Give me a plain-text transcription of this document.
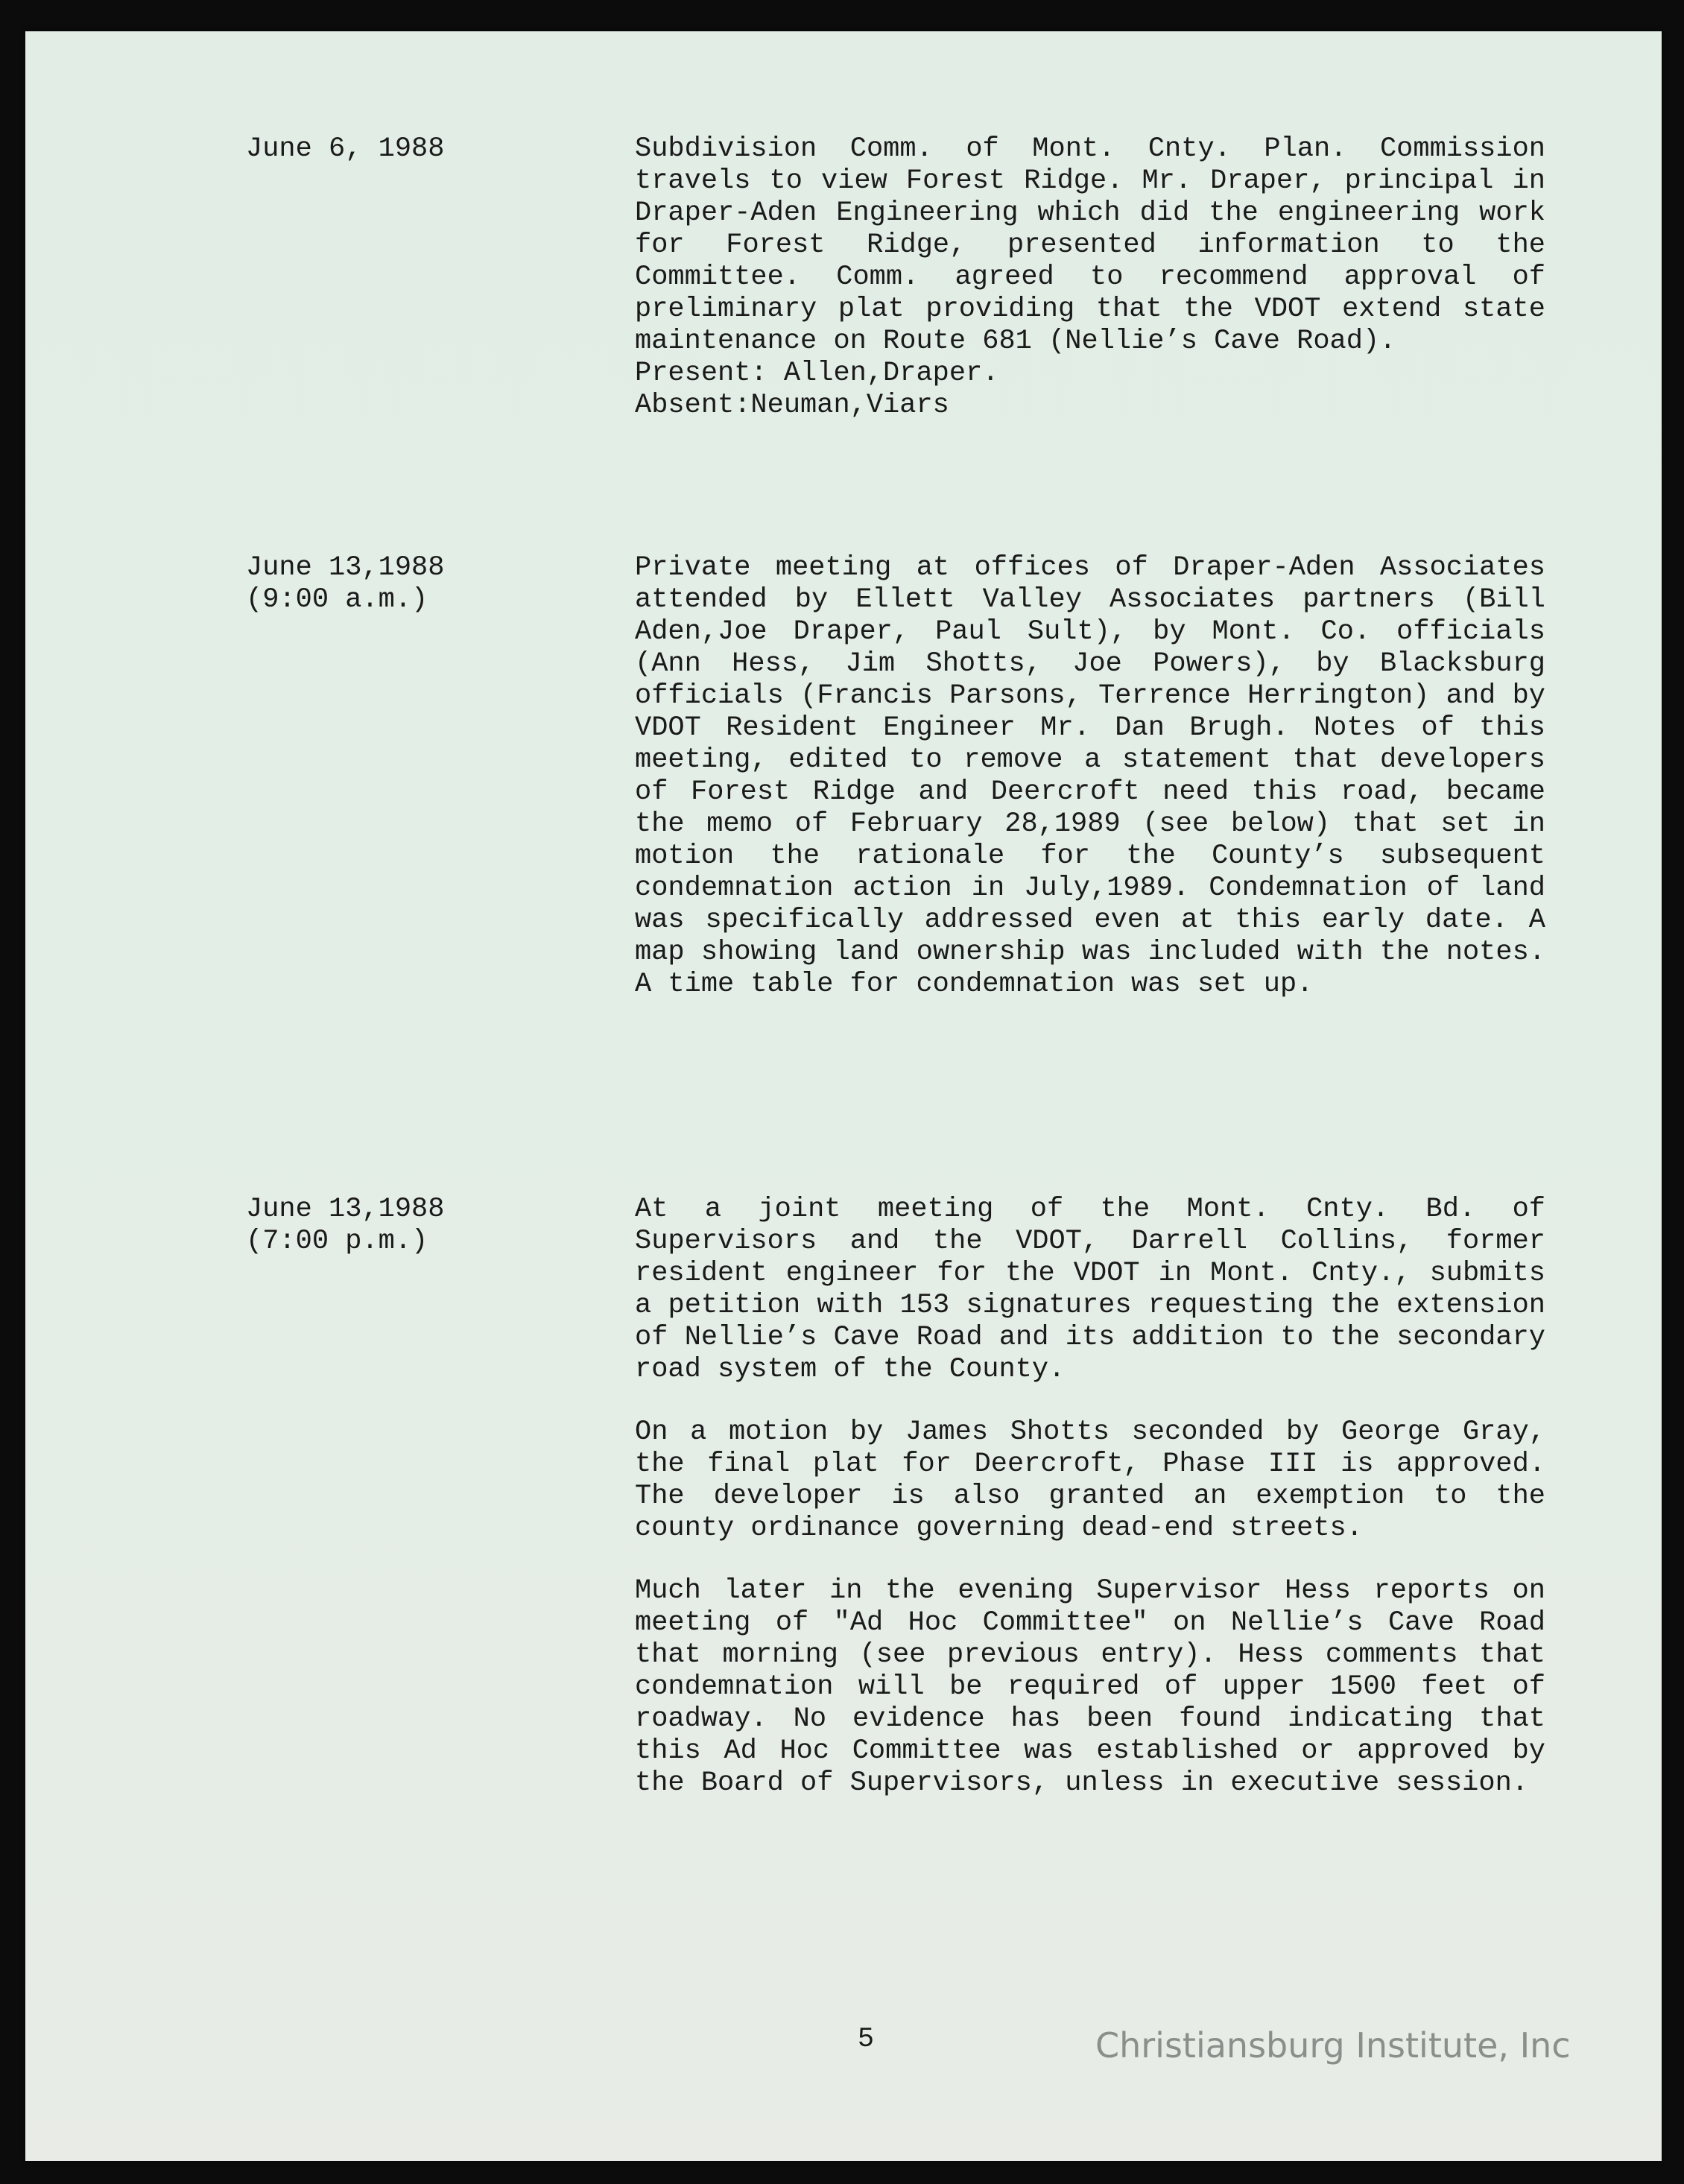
June 6, 1988	Subdivision Comm. of Mont. Cnty. Plan. Commission travels to view Forest Ridge. Mr. Draper, principal in Draper-Aden Engineering which did the engineering work for Forest Ridge, presented information to the Committee. Comm. agreed to recommend approval of preliminary plat providing that the VDOT extend state maintenance on Route 681 (Nellie’s Cave Road).

Present: Allen,Draper.

Absent:Neuman,Viars

June 13,1988
(9:00 a.m.)

Private meeting at offices of Draper-Aden Associates attended by Ellett Valley Associates partners (Bill Aden,Joe Draper, Paul Sult), by Mont. Co. officials (Ann Hess, Jim Shotts, Joe Powers), by Blacksburg officials (Francis Parsons, Terrence Herrington) and by VDOT Resident Engineer Mr. Dan Brugh. Notes of this meeting, edited to remove a statement that developers of Forest Ridge and Deercroft need this road, became the memo of February 28,1989 (see below) that set in motion the rationale for the County’s subsequent condemnation action in July,1989. Condemnation of land was specifically addressed even at this early date. A map showing land ownership was included with the notes. A time table for condemnation was set up.

June 13,1988
(7:00 p.m.)

At a joint meeting of the Mont. Cnty. Bd. of Supervisors and the VDOT, Darrell Collins, former resident engineer for the VDOT in Mont. Cnty., submits a petition with 153 signatures requesting the extension of Nellie’s Cave Road and its addition to the secondary road system of the County.

On a motion by James Shotts seconded by George Gray, the final plat for Deercroft, Phase III is approved. The developer is also granted an exemption to the county ordinance governing dead-end streets.

Much later in the evening Supervisor Hess reports on meeting of "Ad Hoc Committee" on Nellie’s Cave Road that morning (see previous entry). Hess comments that condemnation will be required of upper 1500 feet of roadway. No evidence has been found indicating that this Ad Hoc Committee was established or approved by the Board of Supervisors, unless in executive session.

5	Christiansburg Institute, Inc
